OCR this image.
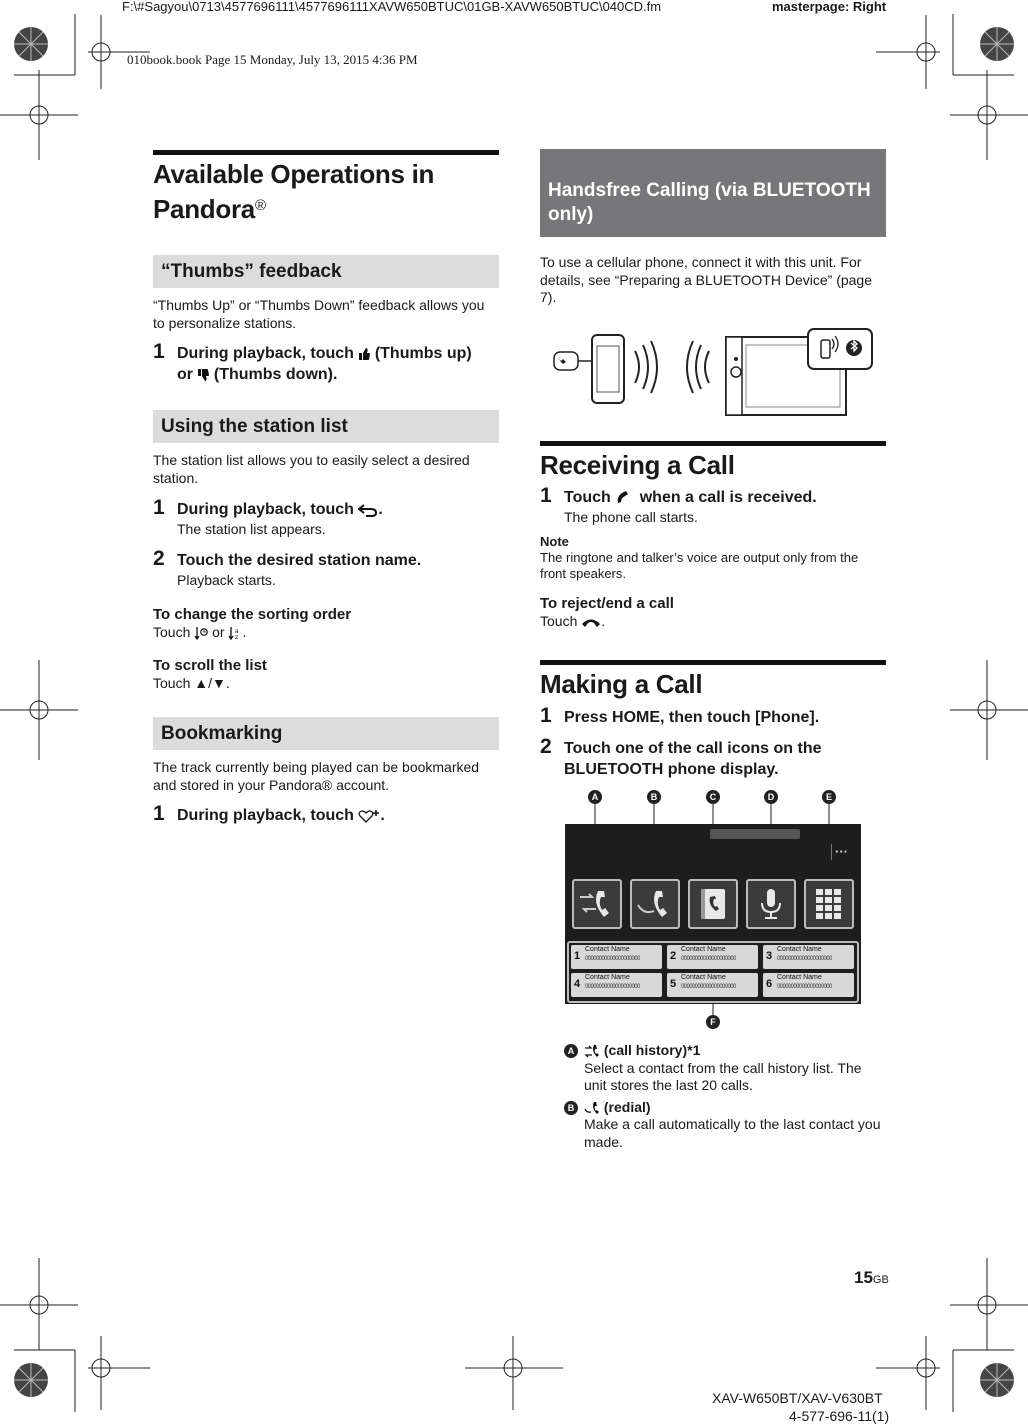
F:\#Sagyou\0713\4577696111\4577696111XAVW650BTUC\01GB-XAVW650BTUC\040CD.fm	masterpage: Right
010book.book Page 15 Monday, July 13, 2015 4:36 PM
Available Operations in
Pandora®
“Thumbs” feedback
“Thumbs Up” or “Thumbs Down” feedback allows you to personalize stations.
1 During playback, touch (Thumbs up)
or (Thumbs down).
Using the station list
The station list allows you to easily select a desired station.
1 During playback, touch .
The station list appears.
2 Touch the desired station name.
Playback starts.
To change the sorting order
Touch or a
z .
To scroll the list
Touch ▲/▼.
Bookmarking
The track currently being played can be bookmarked and stored in your Pandora® account.
1 During playback, touch .
Handsfree Calling (via BLUETOOTH only)
To use a cellular phone, connect it with this unit. For details, see “Preparing a BLUETOOTH Device” (page 7).
Receiving a Call
1 Touch when a call is received.
The phone call starts.
Note
The ringtone and talker’s voice are output only from the front speakers.
To reject/end a call
Touch .
Making a Call
1 Press HOME, then touch [Phone].
2 Touch one of the call icons on the BLUETOOTH phone display.
A	B	C	D	E
···
1
Contact Name
00000000000000000000	2
Contact Name
00000000000000000000	3
Contact Name
00000000000000000000
4
Contact Name
00000000000000000000	5
Contact Name
00000000000000000000	6
Contact Name
00000000000000000000
F
A (call history)*1
Select a contact from the call history list. The unit stores the last 20 calls.
B (redial)
Make a call automatically to the last contact you made.
15GB
XAV-W650BT/XAV-V630BT
4-577-696-11(1)
